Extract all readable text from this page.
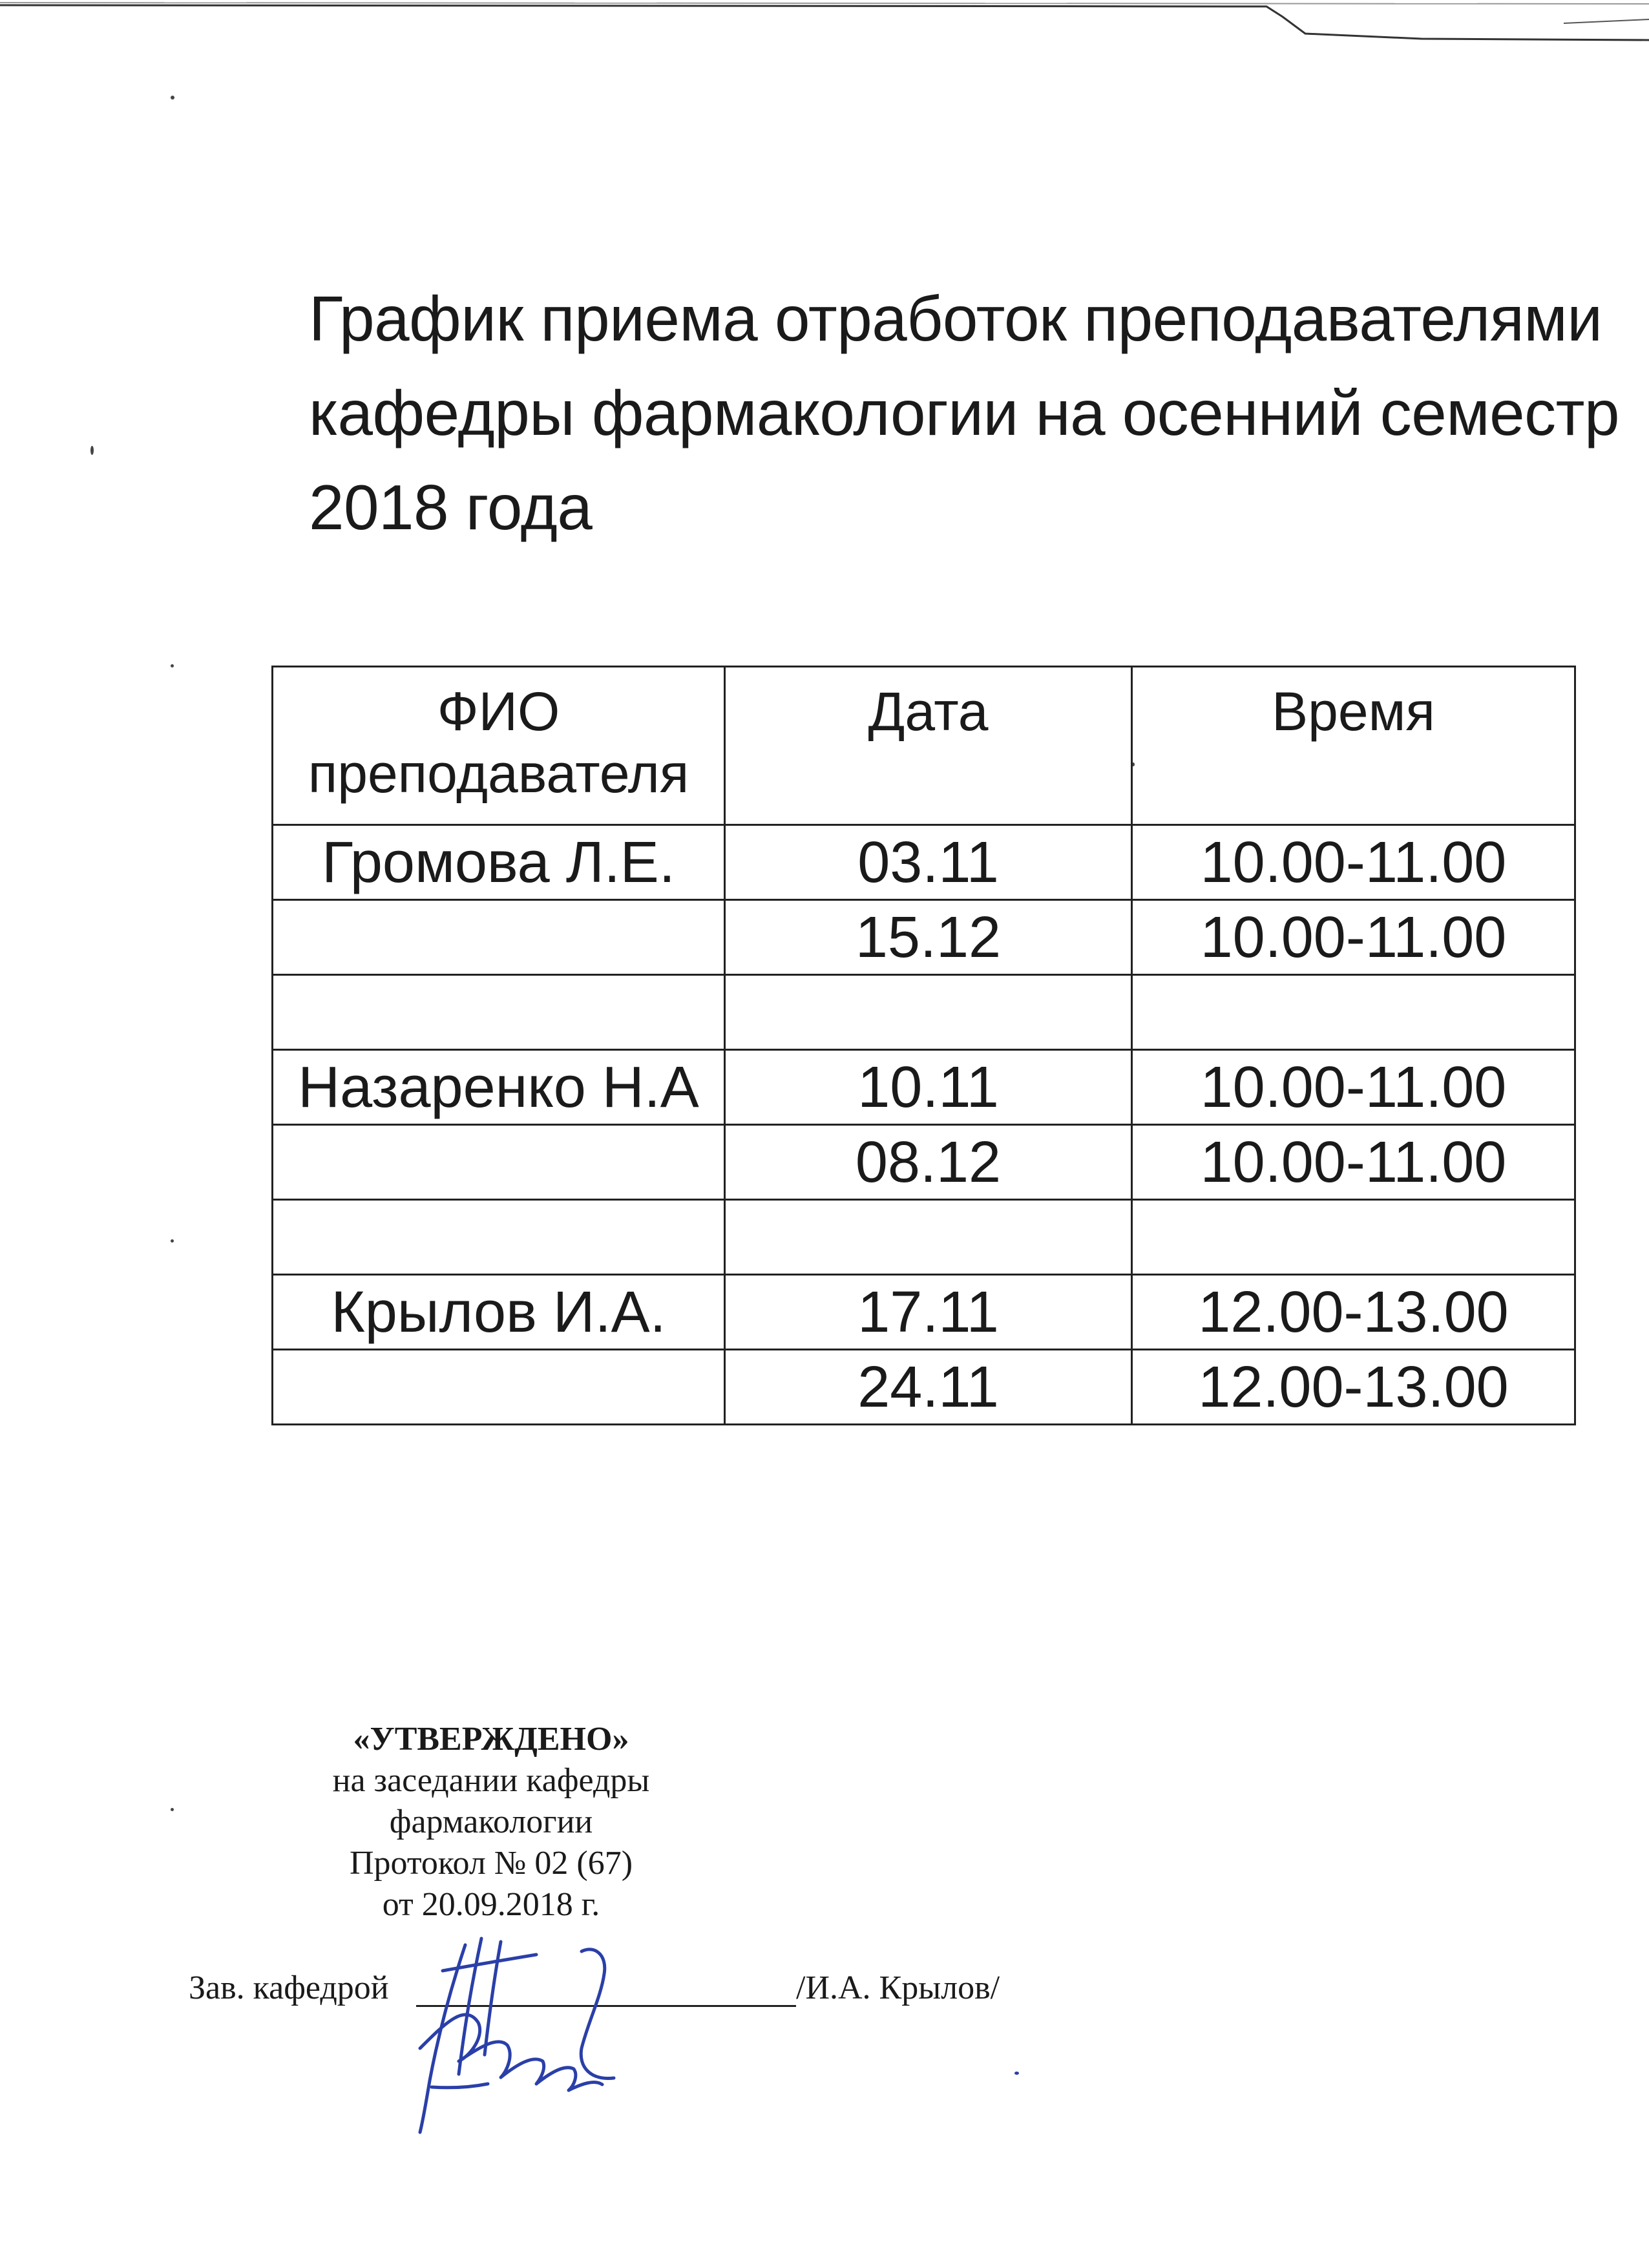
График приема отработок преподавателями
кафедры фармакологии на осенний семестр
2018 года
ФИО преподавателя	Дата	Время
Громова Л.Е.	03.11	10.00-11.00
	15.12	10.00-11.00

Назаренко Н.А	10.11	10.00-11.00
	08.12	10.00-11.00

Крылов И.А.	17.11	12.00-13.00
	24.11	12.00-13.00
«УТВЕРЖДЕНО»
на заседании кафедры
фармакологии
Протокол № 02 (67)
от 20.09.2018 г.
Зав. кафедрой	/И.А. Крылов/
